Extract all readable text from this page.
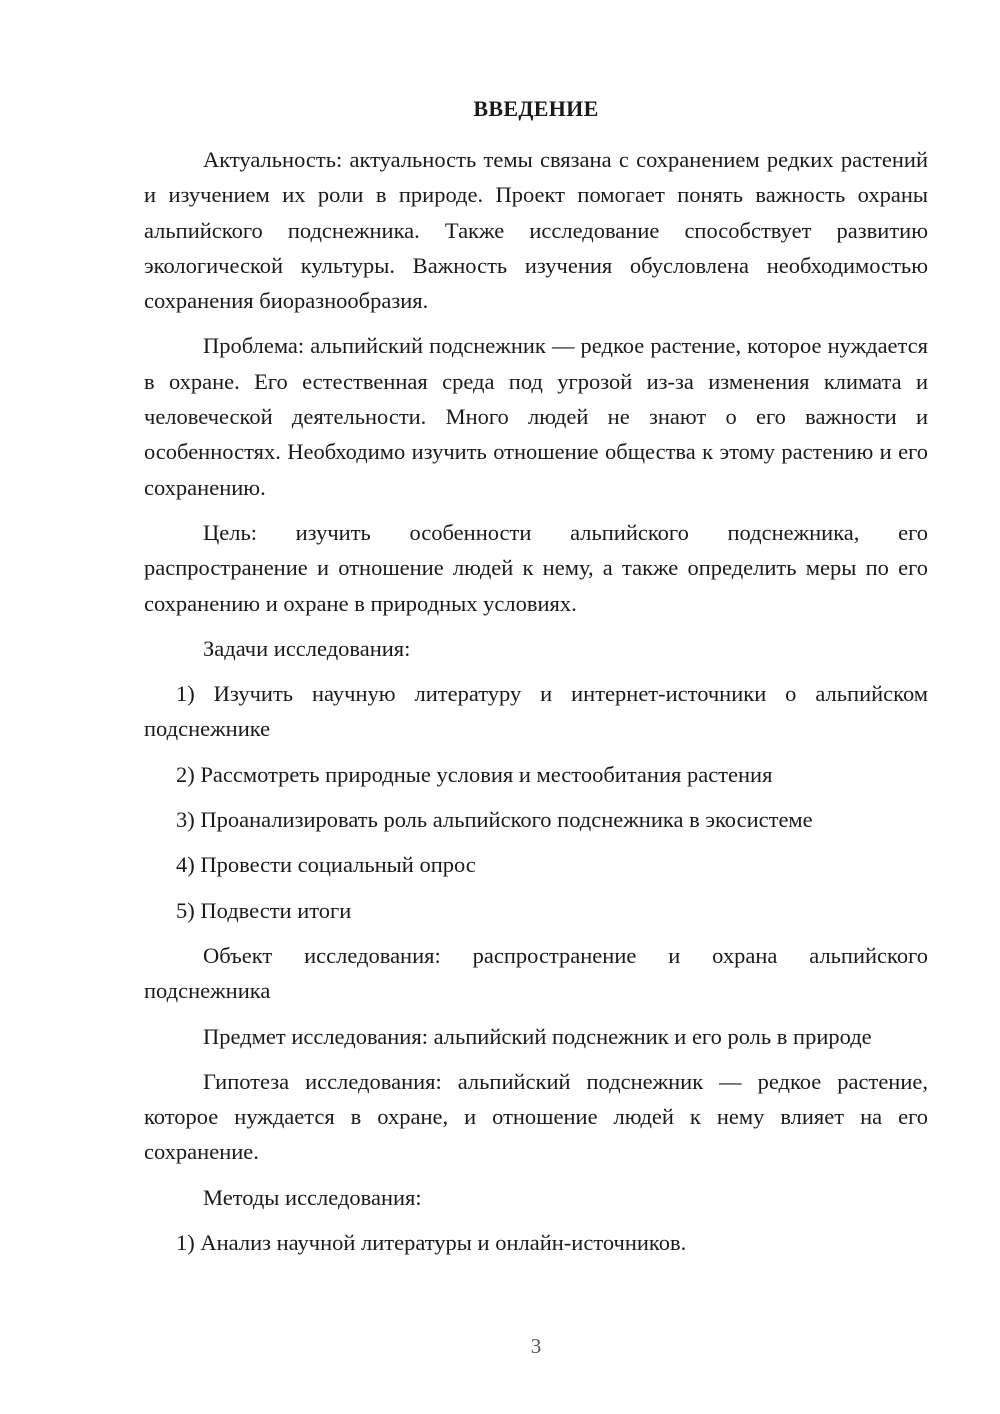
ВВЕДЕНИЕ

Актуальность: актуальность темы связана с сохранением редких растений и изучением их роли в природе. Проект помогает понять важность охраны альпийского подснежника. Также исследование способствует развитию экологической культуры. Важность изучения обусловлена необходимостью сохранения биоразнообразия.

Проблема: альпийский подснежник — редкое растение, которое нуждается в охране. Его естественная среда под угрозой из-за изменения климата и человеческой деятельности. Много людей не знают о его важности и особенностях. Необходимо изучить отношение общества к этому растению и его сохранению.

Цель: изучить особенности альпийского подснежника, его распространение и отношение людей к нему, а также определить меры по его сохранению и охране в природных условиях.

Задачи исследования:

1) Изучить научную литературу и интернет-источники о альпийском подснежнике

2) Рассмотреть природные условия и местообитания растения

3) Проанализировать роль альпийского подснежника в экосистеме

4) Провести социальный опрос

5) Подвести итоги

Объект исследования: распространение и охрана альпийского подснежника

Предмет исследования: альпийский подснежник и его роль в природе

Гипотеза исследования: альпийский подснежник — редкое растение, которое нуждается в охране, и отношение людей к нему влияет на его сохранение.

Методы исследования:

1) Анализ научной литературы и онлайн-источников.

3
